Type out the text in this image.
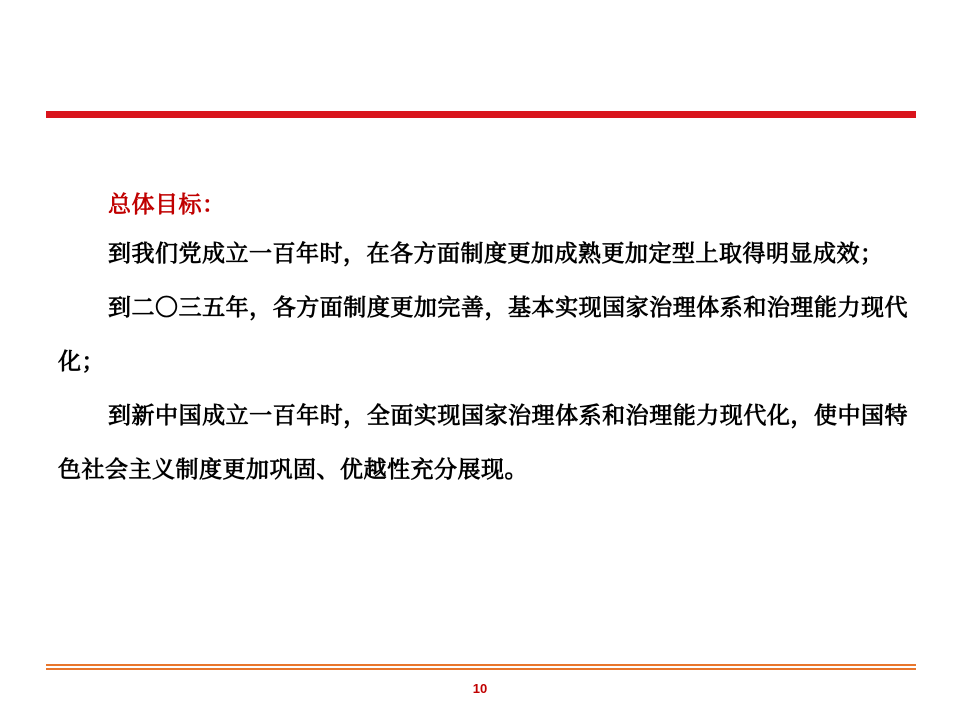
总体目标：

到我们党成立一百年时，在各方面制度更加成熟更加定型上取得明显成效；

到二〇三五年，各方面制度更加完善，基本实现国家治理体系和治理能力现代化；

到新中国成立一百年时，全面实现国家治理体系和治理能力现代化，使中国特色社会主义制度更加巩固、优越性充分展现。

10
